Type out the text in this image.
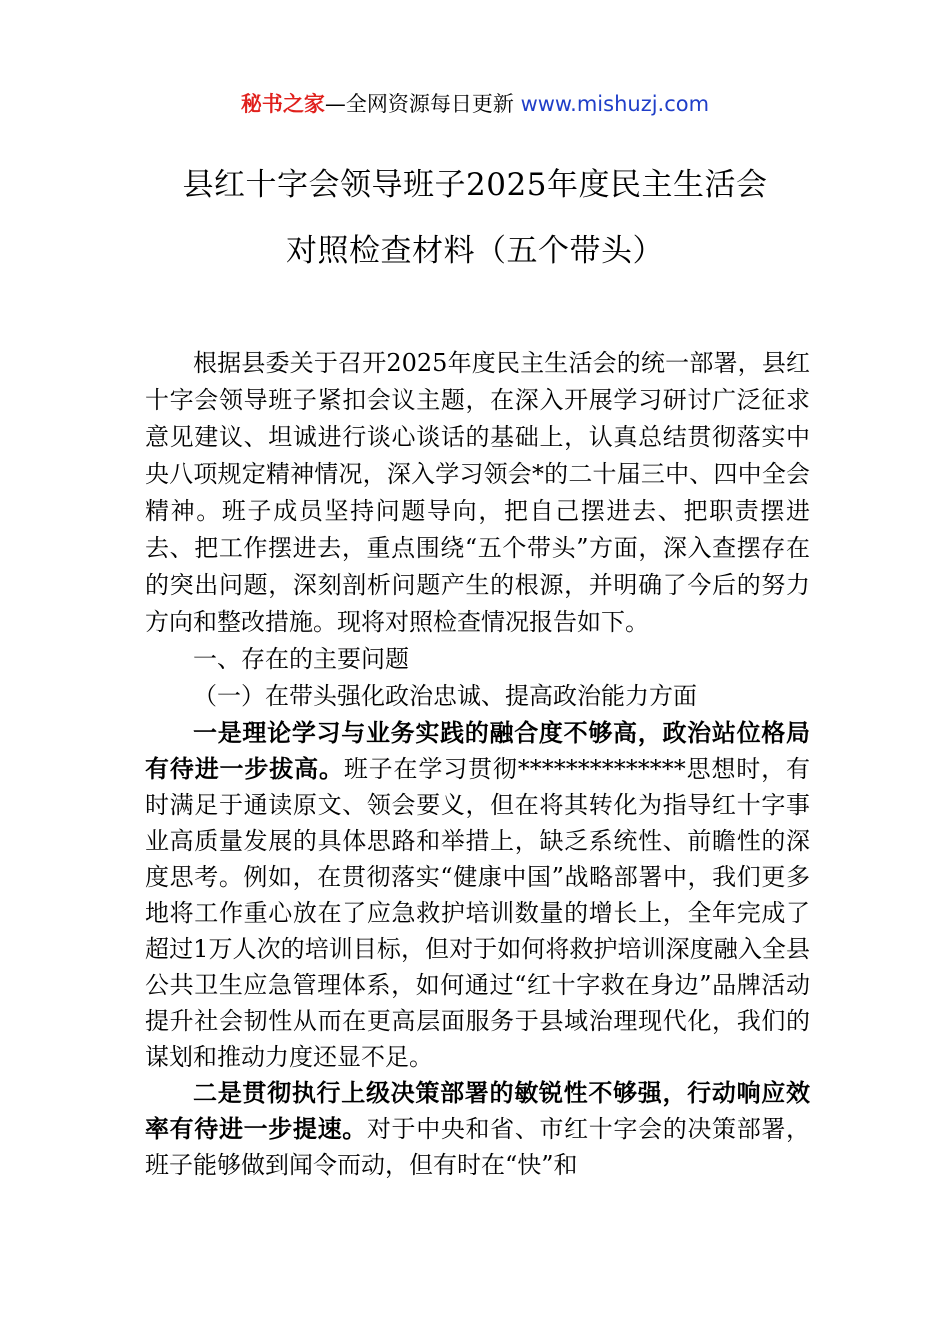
秘书之家—全网资源每日更新 www.mishuzj.com
县红十字会领导班子2025年度民主生活会
对照检查材料（五个带头）

根据县委关于召开2025年度民主生活会的统一部署，县红十字会领导班子紧扣会议主题，在深入开展学习研讨广泛征求意见建议、坦诚进行谈心谈话的基础上，认真总结贯彻落实中央八项规定精神情况，深入学习领会*的二十届三中、四中全会精神。班子成员坚持问题导向，把自己摆进去、把职责摆进去、把工作摆进去，重点围绕“五个带头”方面，深入查摆存在的突出问题，深刻剖析问题产生的根源，并明确了今后的努力方向和整改措施。现将对照检查情况报告如下。

一、存在的主要问题

（一）在带头强化政治忠诚、提高政治能力方面

一是理论学习与业务实践的融合度不够高，政治站位格局有待进一步拔高。班子在学习贯彻**************思想时，有时满足于通读原文、领会要义，但在将其转化为指导红十字事业高质量发展的具体思路和举措上，缺乏系统性、前瞻性的深度思考。例如，在贯彻落实“健康中国”战略部署中，我们更多地将工作重心放在了应急救护培训数量的增长上，全年完成了超过1万人次的培训目标，但对于如何将救护培训深度融入全县公共卫生应急管理体系，如何通过“红十字救在身边”品牌活动提升社会韧性从而在更高层面服务于县域治理现代化，我们的谋划和推动力度还显不足。

二是贯彻执行上级决策部署的敏锐性不够强，行动响应效率有待进一步提速。对于中央和省、市红十字会的决策部署，班子能够做到闻令而动，但有时在“快”和
